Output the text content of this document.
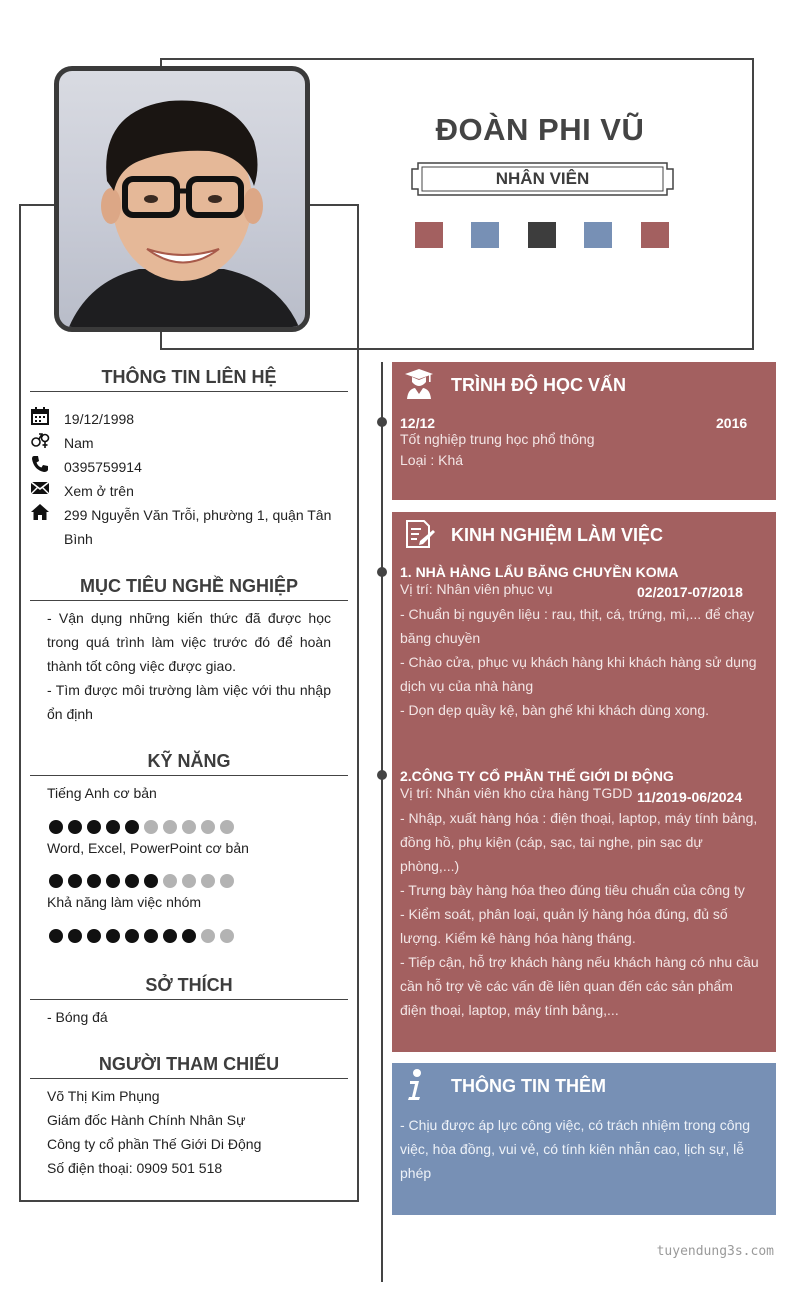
ĐOÀN PHI VŨ
NHÂN VIÊN
THÔNG TIN LIÊN HỆ
19/12/1998
Nam
0395759914
Xem ở trên
299 Nguyễn Văn Trỗi, phường 1, quận Tân Bình
MỤC TIÊU NGHỀ NGHIỆP
- Vận dụng những kiến thức đã được học trong quá trình làm việc trước đó để hoàn thành tốt công việc được giao.
- Tìm được môi trường làm việc với thu nhập ổn định
KỸ NĂNG
Tiếng Anh cơ bản
Word, Excel, PowerPoint cơ bản
Khả năng làm việc nhóm
SỞ THÍCH
- Bóng đá
NGƯỜI THAM CHIẾU
Võ Thị Kim Phụng
Giám đốc Hành Chính Nhân Sự
Công ty cổ phần Thế Giới Di Động
Số điện thoại: 0909 501 518
TRÌNH ĐỘ HỌC VẤN
12/12	2016
Tốt nghiệp trung học phổ thông
Loại : Khá
KINH NGHIỆM LÀM VIỆC
1. NHÀ HÀNG LẨU BĂNG CHUYỀN KOMA
Vị trí: Nhân viên phục vụ	02/2017-07/2018
- Chuẩn bị nguyên liệu : rau, thịt, cá, trứng, mì,... để chạy băng chuyền
- Chào cửa, phục vụ khách hàng khi khách hàng sử dụng dịch vụ của nhà hàng
- Dọn dẹp quầy kệ, bàn ghế khi khách dùng xong.
2.CÔNG TY CỔ PHẦN THẾ GIỚI DI ĐỘNG
Vị trí: Nhân viên kho cửa hàng TGDD 11/2019-06/2024
- Nhập, xuất hàng hóa : điện thoại, laptop, máy tính bảng, đồng hồ, phụ kiện (cáp, sạc, tai nghe, pin sạc dự phòng,...)
- Trưng bày hàng hóa theo đúng tiêu chuẩn của công ty
- Kiểm soát, phân loại, quản lý hàng hóa đúng, đủ số lượng. Kiểm kê hàng hóa hàng tháng.
- Tiếp cận, hỗ trợ khách hàng nếu khách hàng có nhu cầu cần hỗ trợ về các vấn đề liên quan đến các sản phẩm điện thoại, laptop, máy tính bảng,...
THÔNG TIN THÊM
- Chịu được áp lực công việc, có trách nhiệm trong công việc, hòa đồng, vui vẻ, có tính kiên nhẫn cao, lịch sự, lễ phép
tuyendung3s.com
